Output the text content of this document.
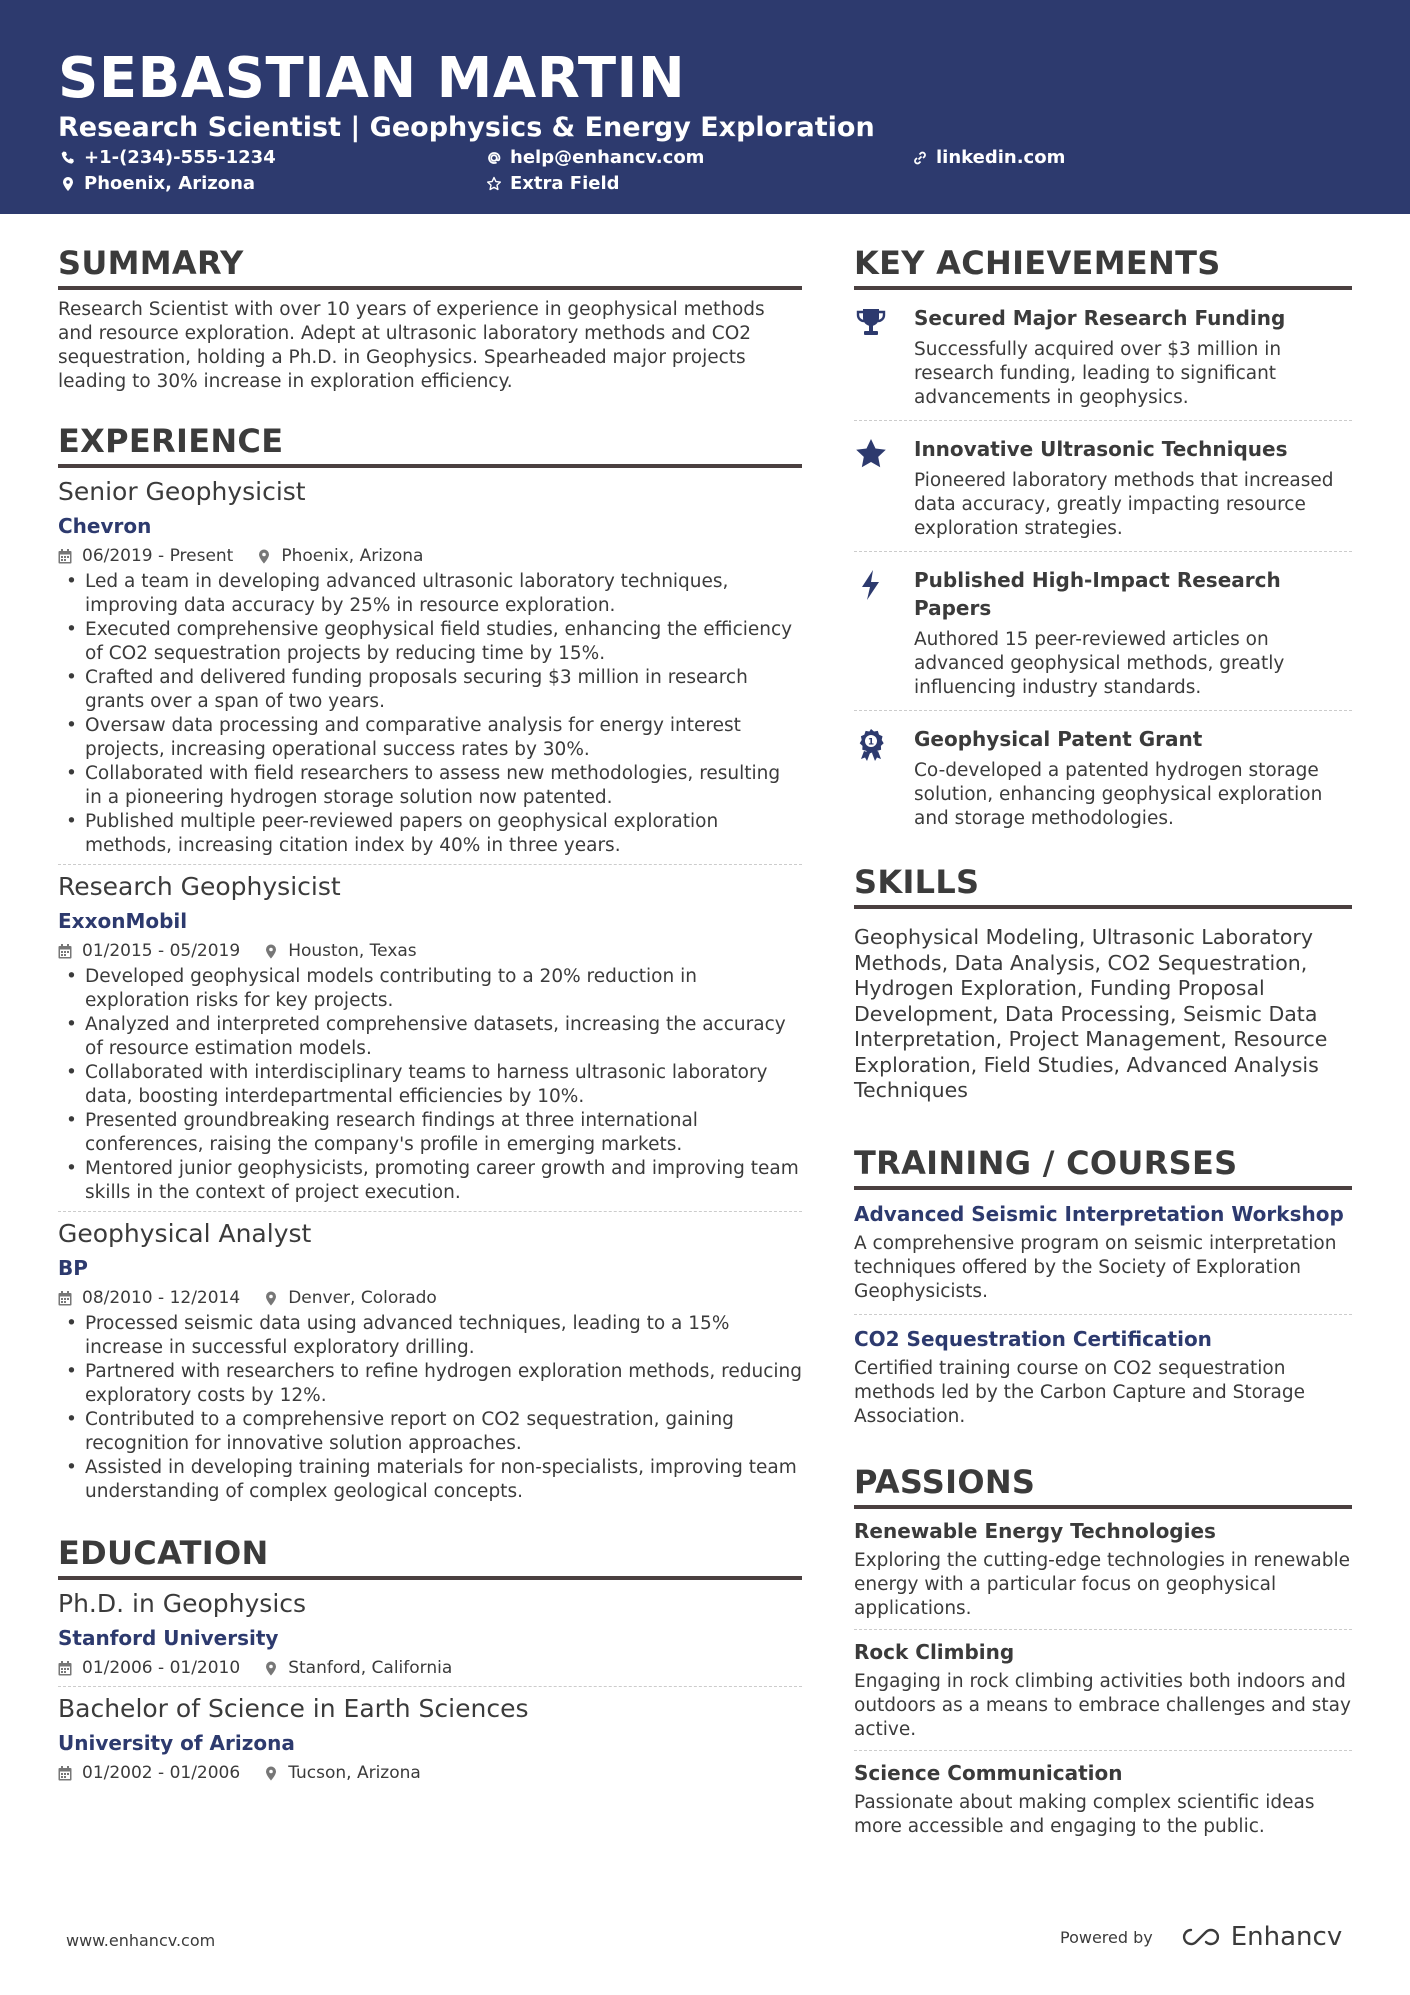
SEBASTIAN MARTIN
Research Scientist | Geophysics & Energy Exploration
+1-(234)-555-1234	help@enhancv.com	linkedin.com
Phoenix, Arizona	Extra Field
SUMMARY
Research Scientist with over 10 years of experience in geophysical methods and resource exploration. Adept at ultrasonic laboratory methods and CO2 sequestration, holding a Ph.D. in Geophysics. Spearheaded major projects leading to 30% increase in exploration efficiency.
EXPERIENCE
Senior Geophysicist
Chevron
06/2019 - Present	Phoenix, Arizona
• Led a team in developing advanced ultrasonic laboratory techniques, improving data accuracy by 25% in resource exploration.
• Executed comprehensive geophysical field studies, enhancing the efficiency of CO2 sequestration projects by reducing time by 15%.
• Crafted and delivered funding proposals securing $3 million in research grants over a span of two years.
• Oversaw data processing and comparative analysis for energy interest projects, increasing operational success rates by 30%.
• Collaborated with field researchers to assess new methodologies, resulting in a pioneering hydrogen storage solution now patented.
• Published multiple peer-reviewed papers on geophysical exploration methods, increasing citation index by 40% in three years.
Research Geophysicist
ExxonMobil
01/2015 - 05/2019	Houston, Texas
• Developed geophysical models contributing to a 20% reduction in exploration risks for key projects.
• Analyzed and interpreted comprehensive datasets, increasing the accuracy of resource estimation models.
• Collaborated with interdisciplinary teams to harness ultrasonic laboratory data, boosting interdepartmental efficiencies by 10%.
• Presented groundbreaking research findings at three international conferences, raising the company's profile in emerging markets.
• Mentored junior geophysicists, promoting career growth and improving team skills in the context of project execution.
Geophysical Analyst
BP
08/2010 - 12/2014	Denver, Colorado
• Processed seismic data using advanced techniques, leading to a 15% increase in successful exploratory drilling.
• Partnered with researchers to refine hydrogen exploration methods, reducing exploratory costs by 12%.
• Contributed to a comprehensive report on CO2 sequestration, gaining recognition for innovative solution approaches.
• Assisted in developing training materials for non-specialists, improving team understanding of complex geological concepts.
EDUCATION
Ph.D. in Geophysics
Stanford University
01/2006 - 01/2010	Stanford, California
Bachelor of Science in Earth Sciences
University of Arizona
01/2002 - 01/2006	Tucson, Arizona
KEY ACHIEVEMENTS
Secured Major Research Funding
Successfully acquired over $3 million in research funding, leading to significant advancements in geophysics.
Innovative Ultrasonic Techniques
Pioneered laboratory methods that increased data accuracy, greatly impacting resource exploration strategies.
Published High-Impact Research Papers
Authored 15 peer-reviewed articles on advanced geophysical methods, greatly influencing industry standards.
1 Geophysical Patent Grant
Co-developed a patented hydrogen storage solution, enhancing geophysical exploration and storage methodologies.
SKILLS
Geophysical Modeling, Ultrasonic Laboratory Methods, Data Analysis, CO2 Sequestration, Hydrogen Exploration, Funding Proposal Development, Data Processing, Seismic Data Interpretation, Project Management, Resource Exploration, Field Studies, Advanced Analysis Techniques
TRAINING / COURSES
Advanced Seismic Interpretation Workshop
A comprehensive program on seismic interpretation techniques offered by the Society of Exploration Geophysicists.
CO2 Sequestration Certification
Certified training course on CO2 sequestration methods led by the Carbon Capture and Storage Association.
PASSIONS
Renewable Energy Technologies
Exploring the cutting-edge technologies in renewable energy with a particular focus on geophysical applications.
Rock Climbing
Engaging in rock climbing activities both indoors and outdoors as a means to embrace challenges and stay active.
Science Communication
Passionate about making complex scientific ideas more accessible and engaging to the public.
www.enhancv.com	Powered by	Enhancv
